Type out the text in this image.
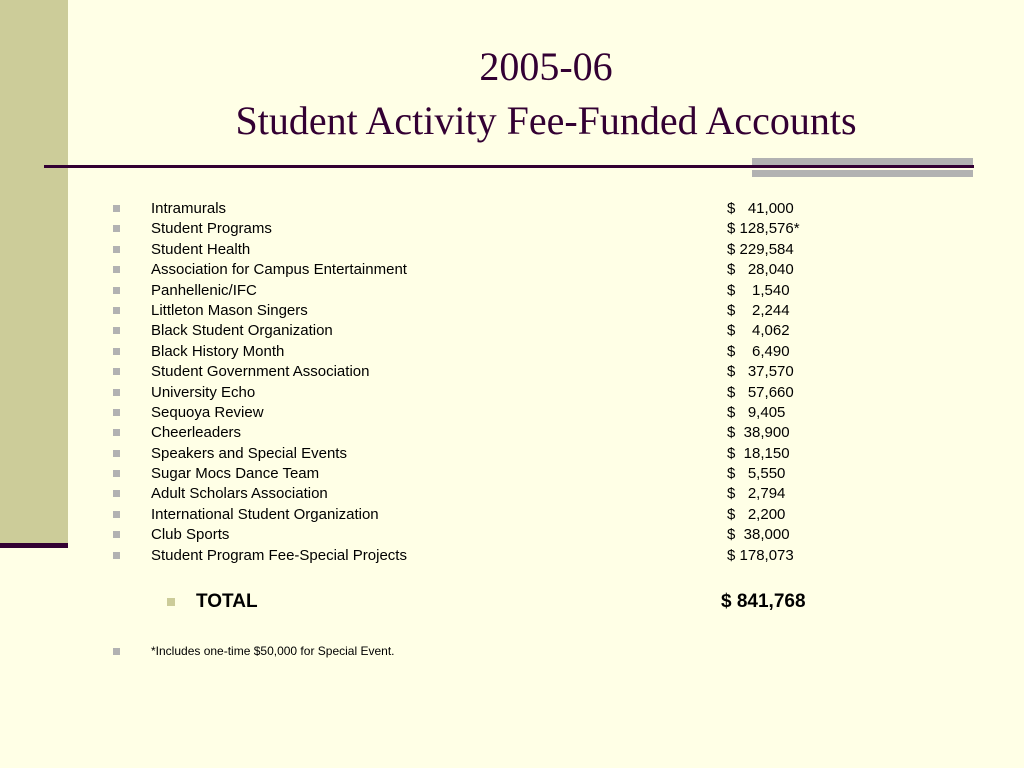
2005-06
Student Activity Fee-Funded Accounts
Intramurals	$   41,000
Student Programs	$ 128,576*
Student Health	$ 229,584
Association for Campus Entertainment	$   28,040
Panhellenic/IFC	$    1,540
Littleton Mason Singers	$    2,244
Black Student Organization	$    4,062
Black History Month	$    6,490
Student Government Association	$   37,570
University Echo	$   57,660
Sequoya Review	$   9,405
Cheerleaders	$  38,900
Speakers and Special Events	$  18,150
Sugar Mocs Dance Team	$   5,550
Adult Scholars Association	$   2,794
International Student Organization	$   2,200
Club Sports	$  38,000
Student Program Fee-Special Projects	$ 178,073
TOTAL	$ 841,768
*Includes one-time $50,000 for Special Event.
